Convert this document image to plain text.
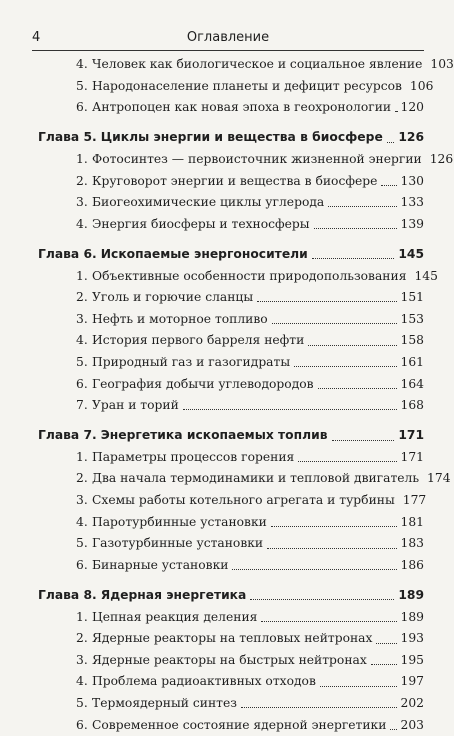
4	Оглавление
4. Человек как биологическое и социальное явление 103
5. Народонаселение планеты и дефицит ресурсов 106
6. Антропоцен как новая эпоха в геохронологии 120
Глава 5. Циклы энергии и вещества в биосфере 126
1. Фотосинтез — первоисточник жизненной энергии 126
2. Круговорот энергии и вещества в биосфере 130
3. Биогеохимические циклы углерода	133
4. Энергия биосферы и техносферы	139
Глава 6. Ископаемые энергоносители	145
1. Объективные особенности природопользования 145
2. Уголь и горючие сланцы	151
3. Нефть и моторное топливо	153
4. История первого барреля нефти	158
5. Природный газ и газогидраты	161
6. География добычи углеводородов	164
7. Уран и торий	168
Глава 7. Энергетика ископаемых топлив	171
1. Параметры процессов горения	171
2. Два начала термодинамики и тепловой двигатель 174
3. Схемы работы котельного агрегата и турбины 177
4. Паротурбинные установки	181
5. Газотурбинные установки	183
6. Бинарные установки	186
Глава 8. Ядерная энергетика	189
1. Цепная реакция деления	189
2. Ядерные реакторы на тепловых нейтронах 193
3. Ядерные реакторы на быстрых нейтронах	195
4. Проблема радиоактивных отходов	197
5. Термоядерный синтез	202
6. Современное состояние ядерной энергетики 203
